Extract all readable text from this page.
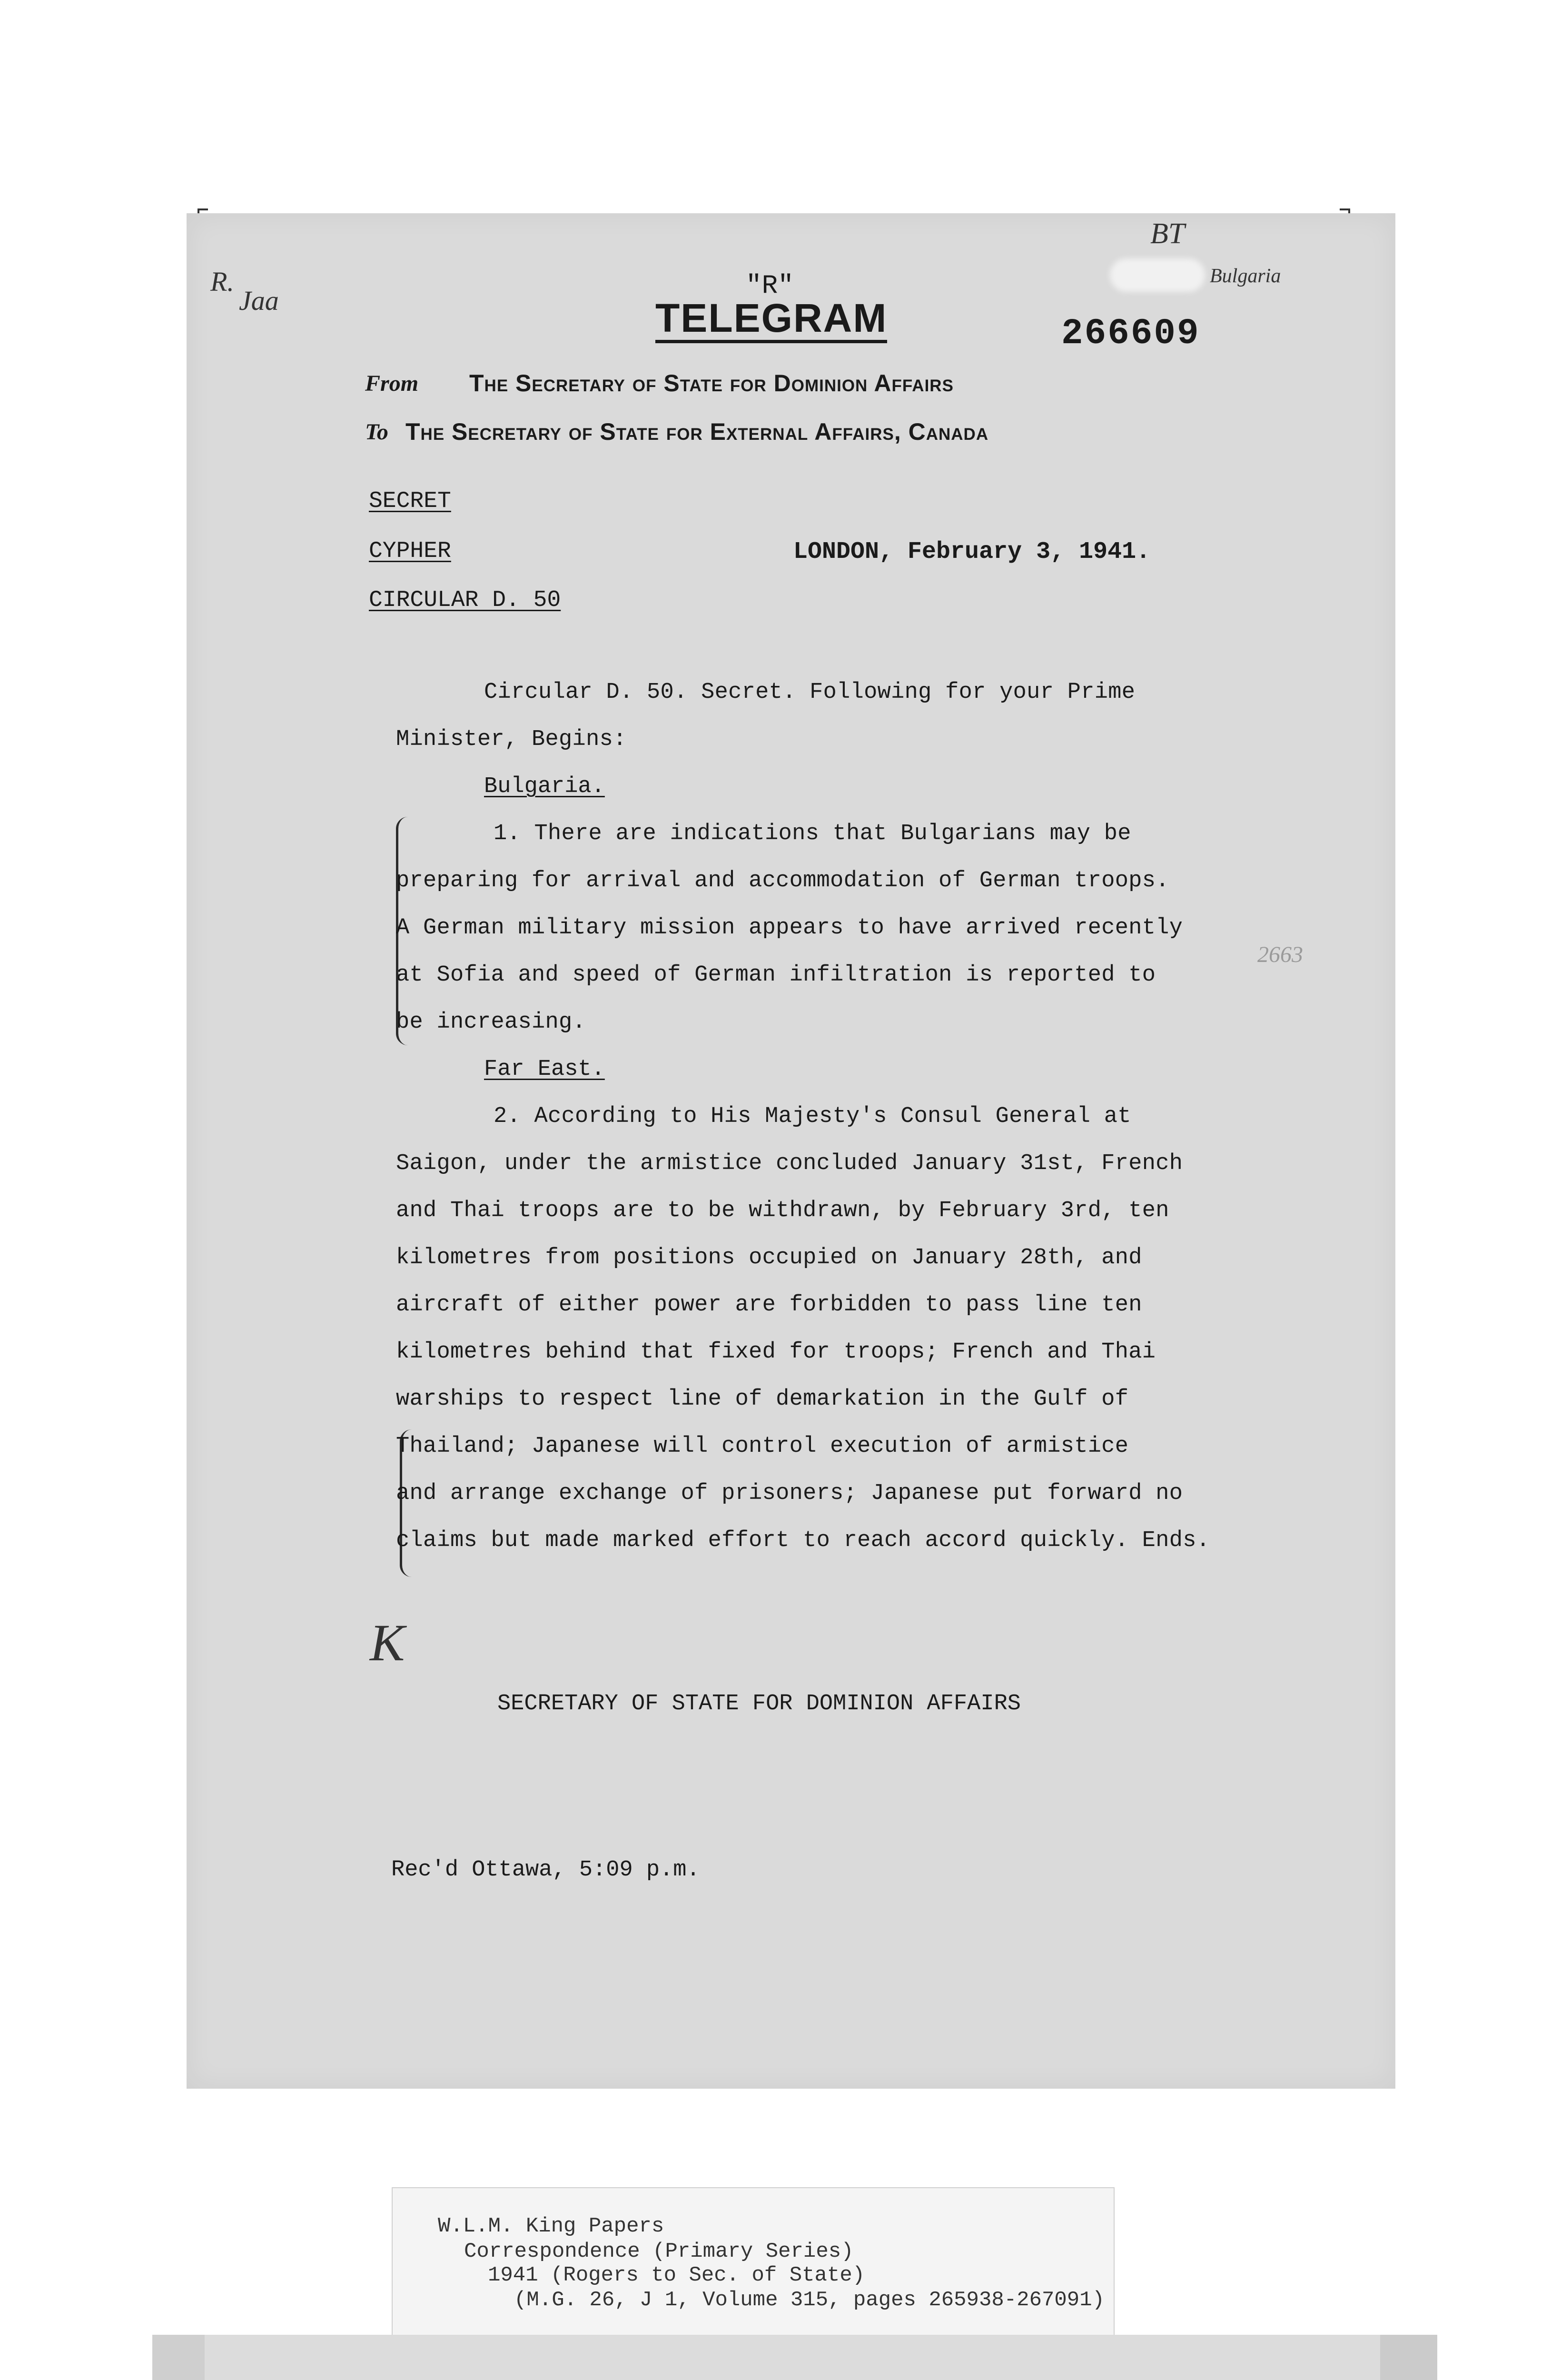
R.
Jaa
BT
Bulgaria
"R"
TELEGRAM	266609
From The Secretary of State for Dominion Affairs
To The Secretary of State for External Affairs, Canada
SECRET
CYPHER
CIRCULAR D. 50
LONDON, February 3, 1941.
2663
Circular D. 50. Secret. Following for your Prime
Minister, Begins:
Bulgaria.
1. There are indications that Bulgarians may be
preparing for arrival and accommodation of German troops.
A German military mission appears to have arrived recently
at Sofia and speed of German infiltration is reported to
be increasing.
Far East.
2. According to His Majesty's Consul General at
Saigon, under the armistice concluded January 31st, French
and Thai troops are to be withdrawn, by February 3rd, ten
kilometres from positions occupied on January 28th, and
aircraft of either power are forbidden to pass line ten
kilometres behind that fixed for troops; French and Thai
warships to respect line of demarkation in the Gulf of
Thailand; Japanese will control execution of armistice
and arrange exchange of prisoners; Japanese put forward no
claims but made marked effort to reach accord quickly. Ends.
K
SECRETARY OF STATE FOR DOMINION AFFAIRS
Rec'd Ottawa, 5:09 p.m.
W.L.M. King Papers
Correspondence (Primary Series)
1941 (Rogers to Sec. of State)
(M.G. 26, J 1, Volume 315, pages 265938-267091)
